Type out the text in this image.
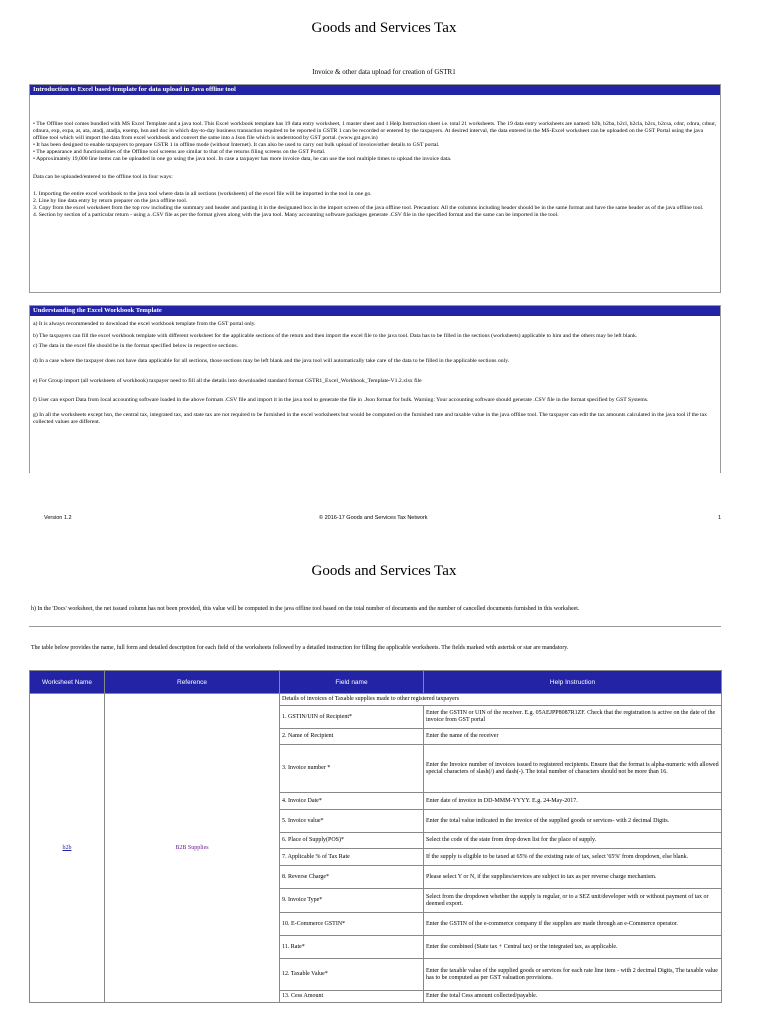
Goods and Services Tax
Invoice & other data upload for creation of GSTR1
Introduction to Excel based template for data upload in Java offline tool
• The Offline tool comes bundled with MS Excel Template and a java tool. This Excel workbook template has 19 data entry worksheet, 1 master sheet and 1 Help Instruction sheet i.e. total 21 worksheets. The 19 data entry worksheets are named: b2b, b2ba, b2cl, b2cla, b2cs, b2csa, cdnr, cdnra, cdnur, cdnura, exp, expa, at, ata, atadj, atadja, exemp, hsn and doc in which day-to-day business transaction required to be reported in GSTR 1 can be recorded or entered by the taxpayers. At desired interval, the data entered in the MS-Excel worksheet can be uploaded on the GST Portal using the java offline tool which will import the data from excel workbook and convert the same into a Json file which is understood by GST portal. (www.gst.gov.in)
• It has been designed to enable taxpayers to prepare GSTR 1 in offline mode (without Internet). It can also be used to carry out bulk upload of invoice/other details to GST portal.
• The appearance and functionalities of the Offline tool screens are similar to that of the returns filing screens on the GST Portal.
• Approximately 19,000 line items can be uploaded in one go using the java tool. In case a taxpayer has more invoice data, he can use the tool multiple times to upload the invoice data.
Data can be uploaded/entered to the offline tool in four ways:
1. Importing the entire excel workbook to the java tool where data in all sections (worksheets) of the excel file will be imported in the tool in one go.
2. Line by line data entry by return preparer on the java offline tool.
3. Copy from the excel worksheet from the top row including the summary and header and pasting it in the designated box in the import screen of the java offline tool. Precaution: All the columns including header should be in the same format and have the same header as of the java offline tool.
4. Section by section of a particular return - using a .CSV file as per the format given along with the java tool. Many accounting software packages generate .CSV file in the specified format and the same can be imported in the tool.
Understanding the Excel Workbook Template
a) It is always recommended to download the excel workbook template from the GST portal only.
b) The taxpayers can fill the excel workbook template with different worksheet for the applicable sections of the return and then import the excel file to the java tool. Data has to be filled in the sections (worksheets) applicable to him and the others may be left blank.
c) The data in the excel file should be in the format specified below in respective sections.
d) In a case where the taxpayer does not have data applicable for all sections, those sections may be left blank and the java tool will automatically take care of the data to be filled in the applicable sections only.
e) For Group import (all worksheets of workbook) taxpayer need to fill all the details into downloaded standard format GSTR1_Excel_Workbook_Template-V1.2.xlsx file
f) User can export Data from local accounting software loaded in the above formats .CSV file and import it in the java tool to generate the file in .Json format for bulk. Warning: Your accounting software should generate .CSV file in the format specified by GST Systems.
g) In all the worksheets except hsn, the central tax, integrated tax, and state tax are not required to be furnished in the excel worksheets but would be computed on the furnished rate and taxable value in the java offline tool. The taxpayer can edit the tax amounts calculated in the java tool if the tax collected values are different.
Version 1.2	© 2016-17 Goods and Services Tax Network	1
Goods and Services Tax
h) In the 'Docs' worksheet, the net issued column has not been provided, this value will be computed in the java offline tool based on the total number of documents and the number of cancelled documents furnished in this worksheet.
The table below provides the name, full form and detailed description for each field of the worksheets followed by a detailed instruction for filling the applicable worksheets. The fields marked with asterisk or star are mandatory.
Worksheet Name	Reference	Field name	Help Instruction
b2b	B2B Supplies	Details of invoices of Taxable supplies made to other registered taxpayers	
		1. GSTIN/UIN of Recipient*	Enter the GSTIN or UIN of the receiver. E.g. 05AEJPP8087R1ZF. Check that the registration is active on the date of the invoice from GST portal
		2. Name of Recipient	Enter the name of the receiver
		3. Invoice number *	Enter the Invoice number of invoices issued to registered recipients. Ensure that the format is alpha-numeric with allowed special characters of slash(/) and dash(-). The total number of characters should not be more than 16.
		4. Invoice Date*	Enter date of invoice in DD-MMM-YYYY. E.g. 24-May-2017.
		5. Invoice value*	Enter the total value indicated in the invoice of the supplied goods or services- with 2 decimal Digits.
		6. Place of Supply(POS)*	Select the code of the state from drop down list for the place of supply.
		7. Applicable % of Tax Rate	If the supply is eligible to be taxed at 65% of the existing rate of tax, select '65%' from dropdown, else blank.
		8. Reverse Charge*	Please select Y or N, if the supplies/services are subject to tax as per reverse charge mechanism.
		9. Invoice Type*	Select from the dropdown whether the supply is regular, or to a SEZ unit/developer with or without payment of tax or deemed export.
		10. E-Commerce GSTIN*	Enter the GSTIN of the e-commerce company if the supplies are made through an e-Commerce operator.
		11. Rate*	Enter the combined (State tax + Central tax) or the integrated tax, as applicable.
		12. Taxable Value*	Enter the taxable value of the supplied goods or services for each rate line item - with 2 decimal Digits, The taxable value has to be computed as per GST valuation provisions.
		13. Cess Amount	Enter the total Cess amount collected/payable.
